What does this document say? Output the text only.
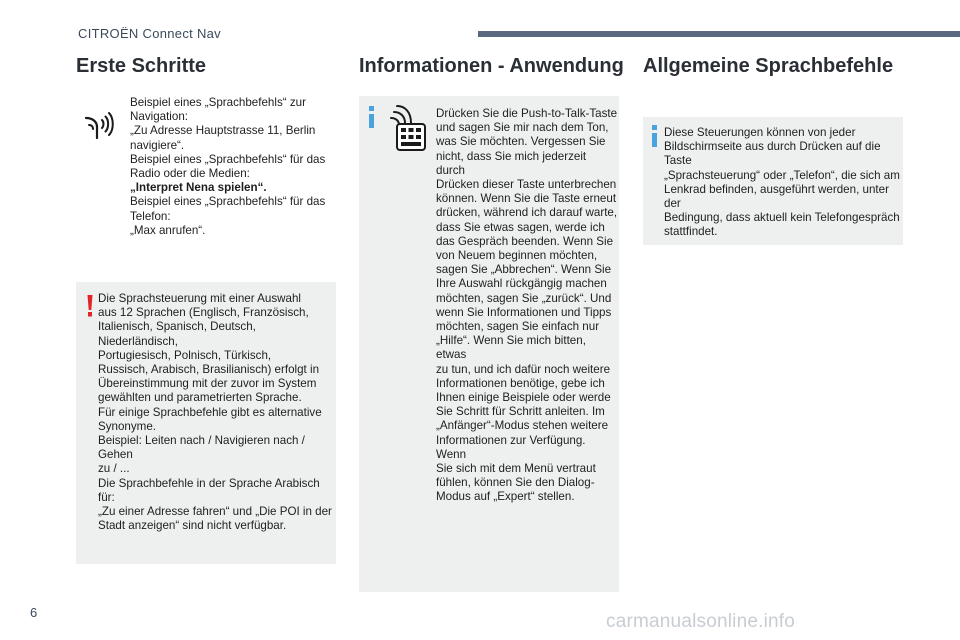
CITROËN Connect Nav
Erste Schritte
Beispiel eines „Sprachbefehls“ zur
Navigation:
„Zu Adresse Hauptstrasse 11, Berlin
navigiere“.
Beispiel eines „Sprachbefehls“ für das
Radio oder die Medien:
„Interpret Nena spielen“.
Beispiel eines „Sprachbefehls“ für das
Telefon:
„Max anrufen“.
Die Sprachsteuerung mit einer Auswahl
aus 12 Sprachen (Englisch, Französisch,
Italienisch, Spanisch, Deutsch, Niederländisch,
Portugiesisch, Polnisch, Türkisch,
Russisch, Arabisch, Brasilianisch) erfolgt in
Übereinstimmung mit der zuvor im System
gewählten und parametrierten Sprache.
Für einige Sprachbefehle gibt es alternative
Synonyme.
Beispiel: Leiten nach / Navigieren nach / Gehen
zu / ...
Die Sprachbefehle in der Sprache Arabisch für:
„Zu einer Adresse fahren“ und „Die POI in der
Stadt anzeigen“ sind nicht verfügbar.
Informationen - Anwendung
Drücken Sie die Push-to-Talk-Taste
und sagen Sie mir nach dem Ton,
was Sie möchten. Vergessen Sie
nicht, dass Sie mich jederzeit durch
Drücken dieser Taste unterbrechen
können. Wenn Sie die Taste erneut
drücken, während ich darauf warte,
dass Sie etwas sagen, werde ich
das Gespräch beenden. Wenn Sie
von Neuem beginnen möchten,
sagen Sie „Abbrechen“. Wenn Sie
Ihre Auswahl rückgängig machen
möchten, sagen Sie „zurück“. Und
wenn Sie Informationen und Tipps
möchten, sagen Sie einfach nur
„Hilfe“. Wenn Sie mich bitten, etwas
zu tun, und ich dafür noch weitere
Informationen benötige, gebe ich
Ihnen einige Beispiele oder werde
Sie Schritt für Schritt anleiten. Im
„Anfänger“-Modus stehen weitere
Informationen zur Verfügung. Wenn
Sie sich mit dem Menü vertraut
fühlen, können Sie den Dialog-
Modus auf „Expert“ stellen.
Allgemeine Sprachbefehle
Diese Steuerungen können von jeder
Bildschirmseite aus durch Drücken auf die Taste
„Sprachsteuerung“ oder „Telefon“, die sich am
Lenkrad befinden, ausgeführt werden, unter der
Bedingung, dass aktuell kein Telefongespräch
stattfindet.
6	carmanualsonline.info
